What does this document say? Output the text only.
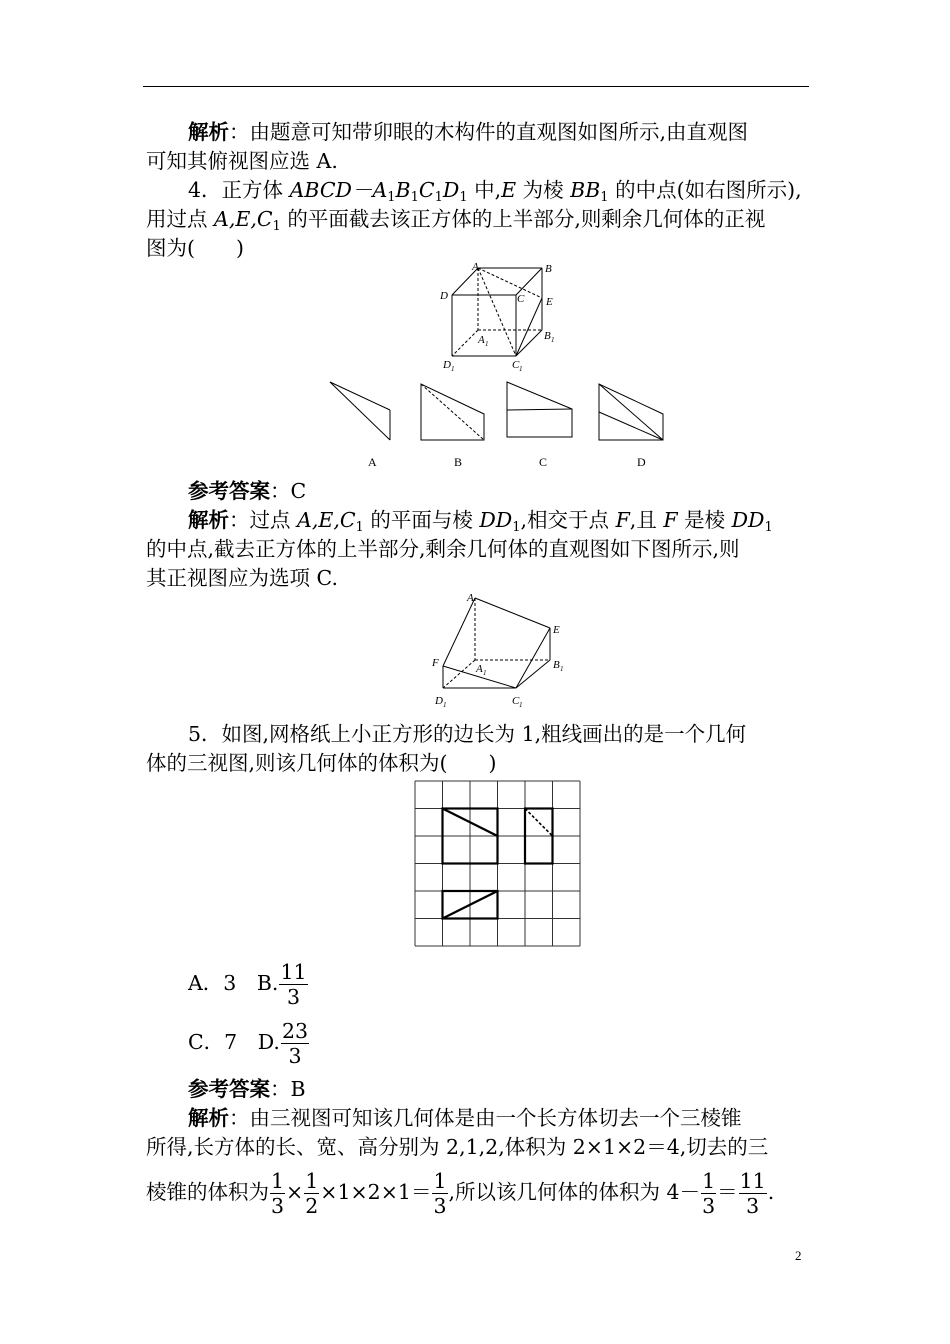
解析：由题意可知带卯眼的木构件的直观图如图所示,由直观图
可知其俯视图应选 A.
4．正方体 $ABCD-A_1B_1C_1D_1$ 中,E 为棱 $BB_1$ 的中点(如右图所示),
用过点 $A,E,C_1$ 的平面截去该正方体的上半部分,则剩余几何体的正视
图为(　　)
A	B
C
D	E
A 1
B 1
C 1
D 1
A	B	C	D
参考答案：C
解析：过点 $A,E,C_1$ 的平面与棱 $DD_1$,相交于点 F,且 F 是棱 $DD_1$
的中点,截去正方体的上半部分,剩余几何体的直观图如下图所示,则
其正视图应为选项 C.
A
E
F	A 1
B 1
D 1	C 1
5．如图,网格纸上小正方形的边长为 1,粗线画出的是一个几何
体的三视图,则该几何体的体积为(　　)
A．3　B. $\frac{11}{3}$
C．7　D. $\frac{23}{3}$
参考答案：B
解析：由三视图可知该几何体是由一个长方体切去一个三棱锥
所得,长方体的长、宽、高分别为 2,1,2,体积为 2×1×2＝4,切去的三
棱锥的体积为 $\frac{1}{3} \times \frac{1}{2} \times 1\times 2\times 1= \frac{1}{3}$ ,所以该几何体的体积为 $4- \frac{1}{3} = \frac{11}{3}$ .
2
